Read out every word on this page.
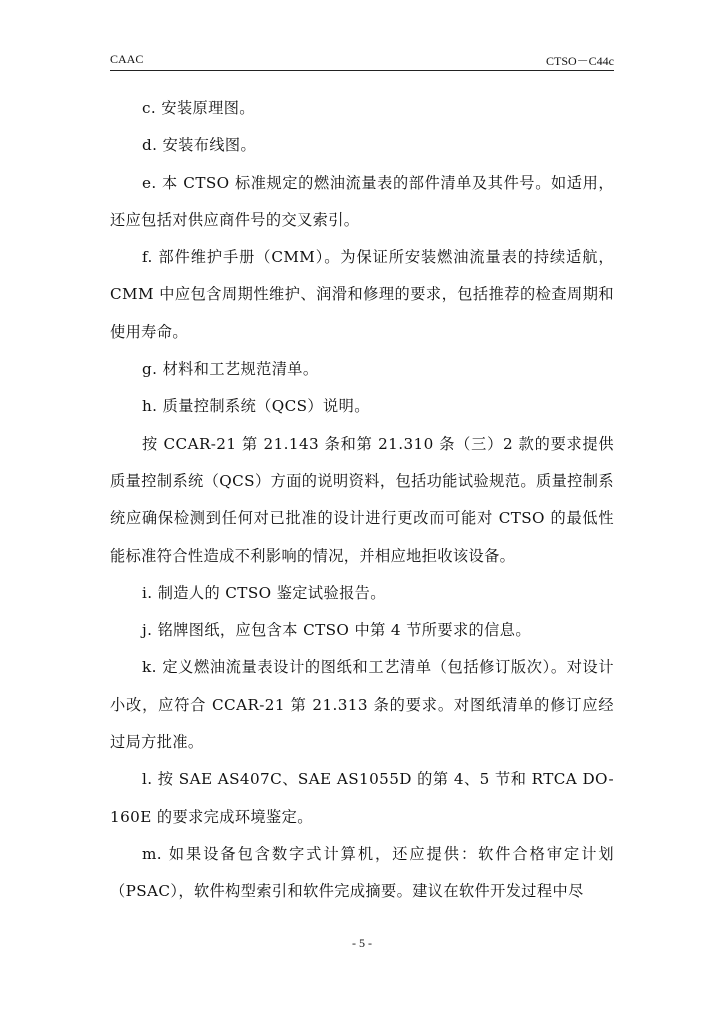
CAAC	CTSO－C44c

c. 安装原理图。

d. 安装布线图。

e. 本 CTSO 标准规定的燃油流量表的部件清单及其件号。如适用，还应包括对供应商件号的交叉索引。

f. 部件维护手册（CMM）。为保证所安装燃油流量表的持续适航，CMM 中应包含周期性维护、润滑和修理的要求，包括推荐的检查周期和使用寿命。

g. 材料和工艺规范清单。

h. 质量控制系统（QCS）说明。

按 CCAR-21 第 21.143 条和第 21.310 条（三）2 款的要求提供质量控制系统（QCS）方面的说明资料，包括功能试验规范。质量控制系统应确保检测到任何对已批准的设计进行更改而可能对 CTSO 的最低性能标准符合性造成不利影响的情况，并相应地拒收该设备。

i. 制造人的 CTSO 鉴定试验报告。

j. 铭牌图纸，应包含本 CTSO 中第 4 节所要求的信息。

k. 定义燃油流量表设计的图纸和工艺清单（包括修订版次）。对设计小改，应符合 CCAR-21 第 21.313 条的要求。对图纸清单的修订应经过局方批准。

l. 按 SAE AS407C、SAE AS1055D 的第 4、5 节和 RTCA DO-160E 的要求完成环境鉴定。

m. 如果设备包含数字式计算机，还应提供：软件合格审定计划（PSAC），软件构型索引和软件完成摘要。建议在软件开发过程中尽

- 5 -
